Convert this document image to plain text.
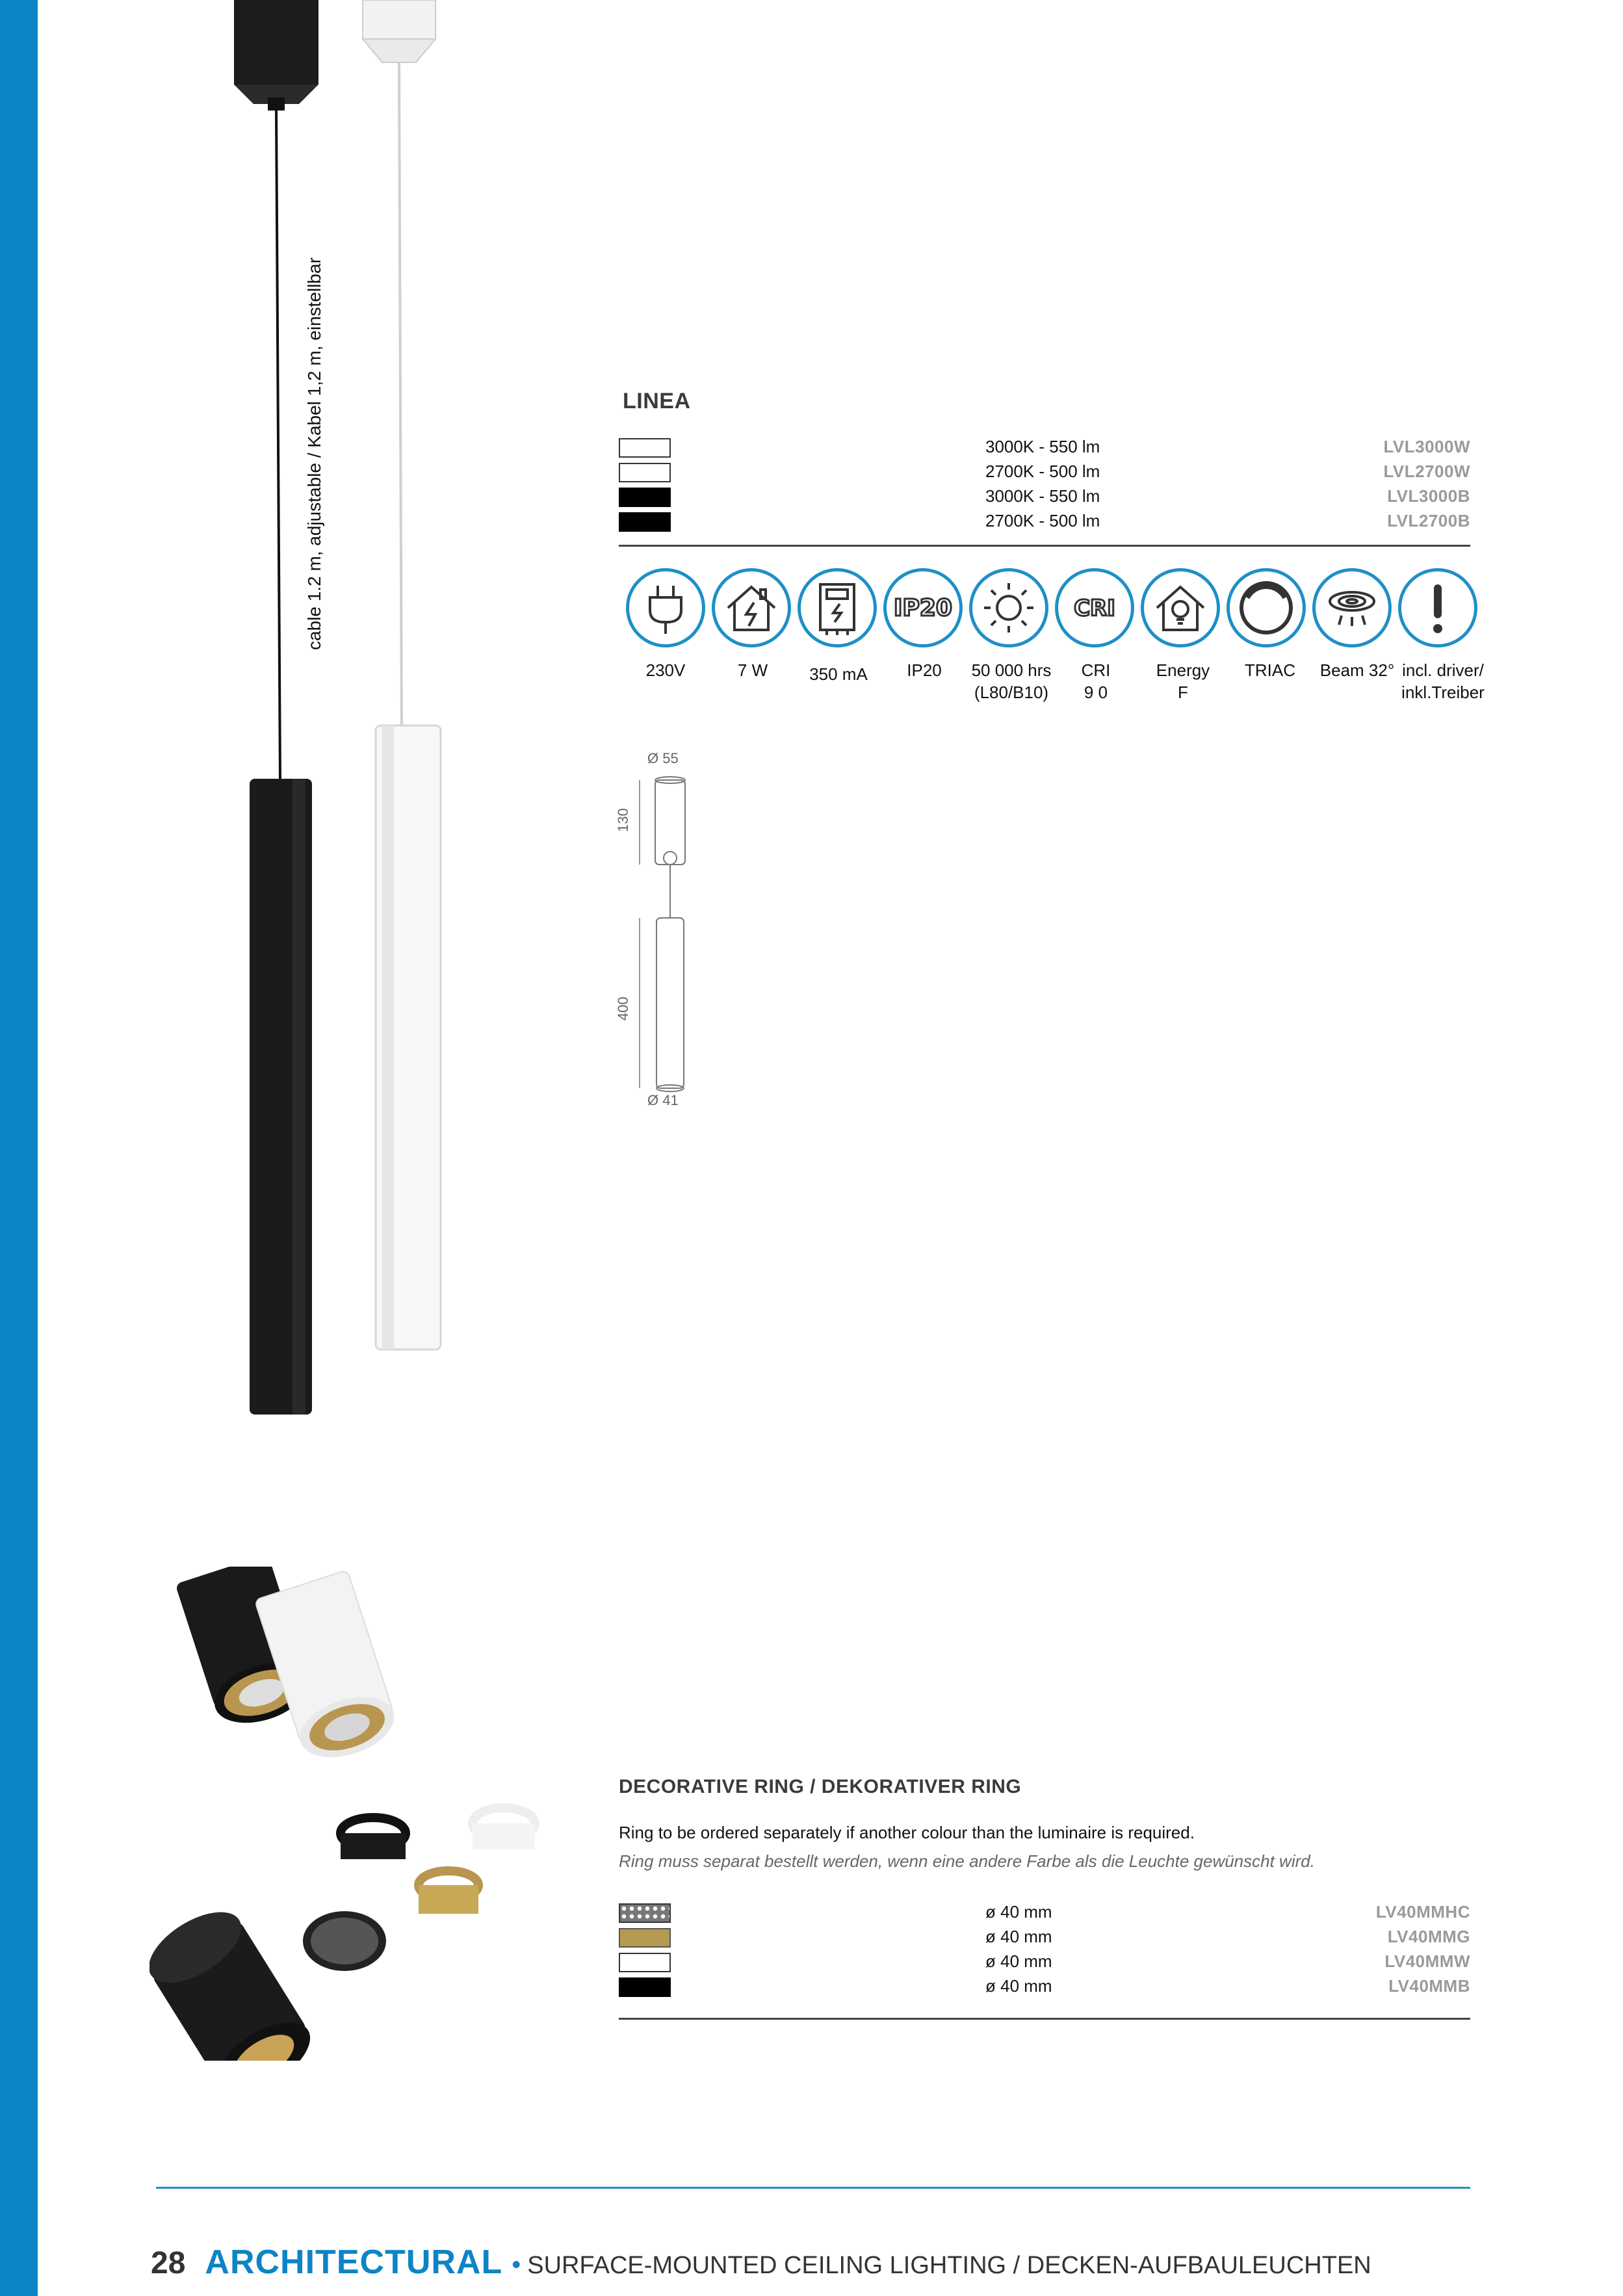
cable 1.2 m, adjustable / Kabel 1,2 m, einstellbar	LINEA
3000K - 550 lm	LVL3000W
2700K - 500 lm	LVL2700W
3000K - 550 lm	LVL3000B
2700K - 500 lm	LVL2700B
IP20	CRI
230V	7 W 350 mA IP20 50 000 hrs
(L80/B10)
CRI
9 0
Energy
F
TRIAC Beam 32° incl. driver/
inkl.Treiber
Ø 55
130
400
Ø 41
DECORATIVE RING / DEKORATIVER RING
Ring to be ordered separately if another colour than the luminaire is required.
Ring muss separat bestellt werden, wenn eine andere Farbe als die Leuchte gewünscht wird.
ø 40 mm	LV40MMHC
ø 40 mm	LV40MMG
ø 40 mm	LV40MMW
ø 40 mm	LV40MMB
28 ARCHITECTURAL • SURFACE-MOUNTED CEILING LIGHTING / DECKEN-AUFBAULEUCHTEN
